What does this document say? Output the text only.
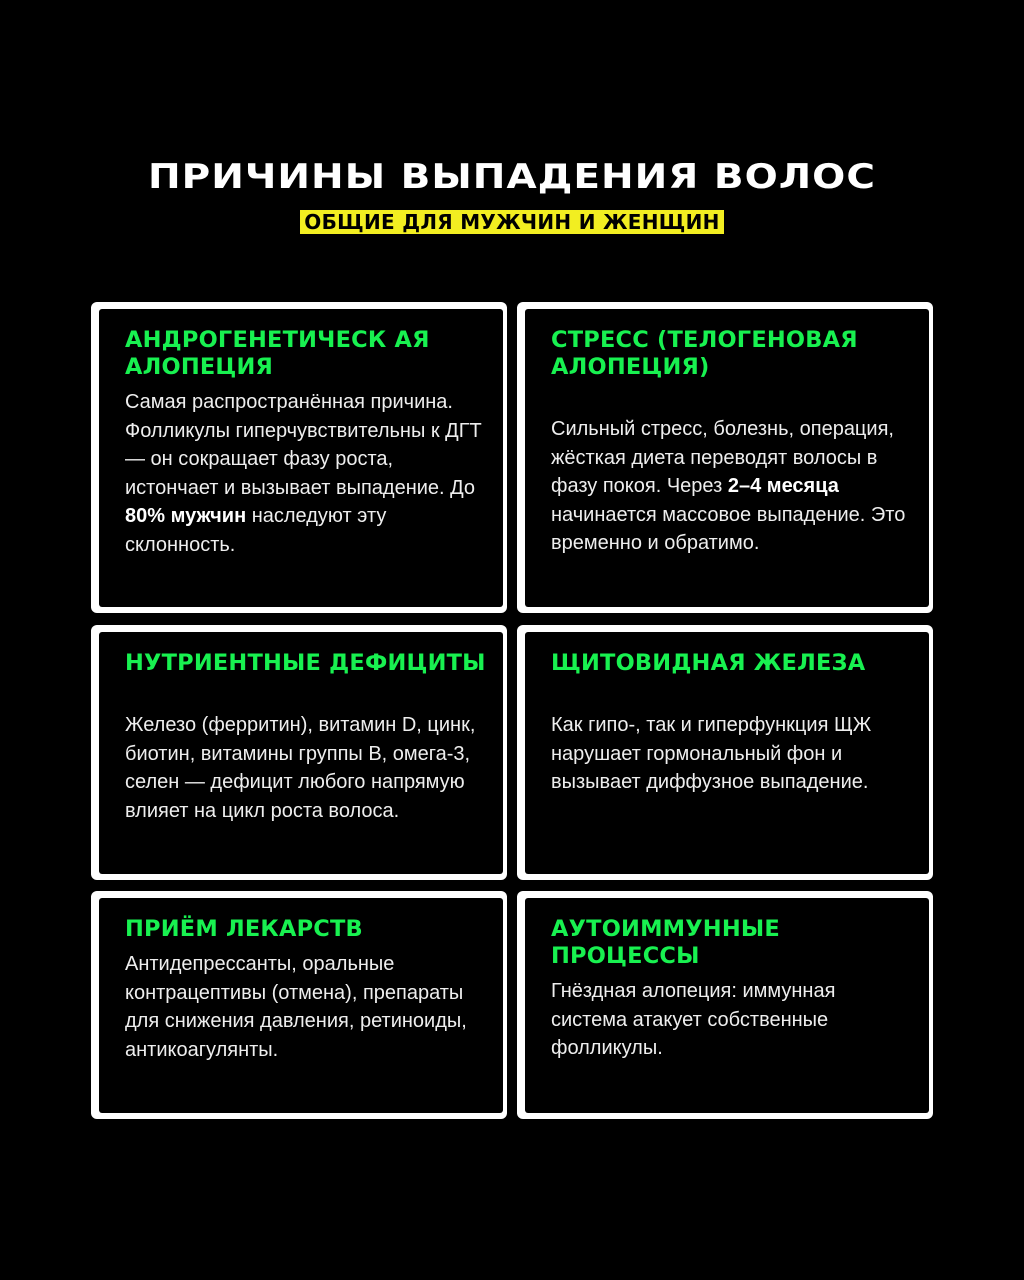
ПРИЧИНЫ ВЫПАДЕНИЯ ВОЛОС
ОБЩИЕ ДЛЯ МУЖЧИН И ЖЕНЩИН
АНДРОГЕНЕТИЧЕСК АЯ АЛОПЕЦИЯ

Самая распространённая причина. Фолликулы гиперчувствительны к ДГТ — он сокращает фазу роста, истончает и вызывает выпадение. До 80% мужчин наследуют эту склонность.

СТРЕСС (ТЕЛОГЕНОВАЯ АЛОПЕЦИЯ)

Сильный стресс, болезнь, операция, жёсткая диета переводят волосы в фазу покоя. Через 2–4 месяца начинается массовое выпадение. Это временно и обратимо.

НУТРИЕНТНЫЕ ДЕФИЦИТЫ

Железо (ферритин), витамин D, цинк, биотин, витамины группы B, омега-3, селен — дефицит любого напрямую влияет на цикл роста волоса.

ЩИТОВИДНАЯ ЖЕЛЕЗА

Как гипо-, так и гиперфункция ЩЖ нарушает гормональный фон и вызывает диффузное выпадение.

ПРИЁМ ЛЕКАРСТВ

Антидепрессанты, оральные контрацептивы (отмена), препараты для снижения давления, ретиноиды, антикоагулянты.

АУТОИММУННЫЕ ПРОЦЕССЫ

Гнёздная алопеция: иммунная система атакует собственные фолликулы.
